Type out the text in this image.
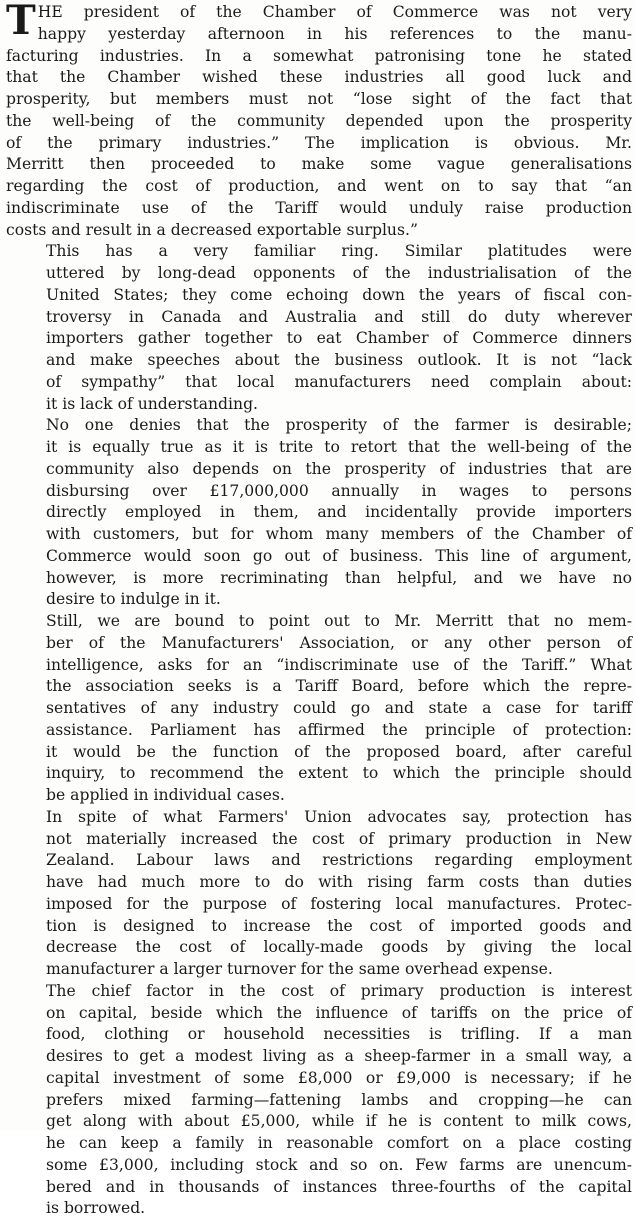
T HE president of the Chamber of Commerce was not very
happy yesterday afternoon in his references to the manu-
facturing industries. In a somewhat patronising tone he stated
that the Chamber wished these industries all good luck and
prosperity, but members must not “lose sight of the fact that
the well-being of the community depended upon the prosperity
of the primary industries.” The implication is obvious. Mr.
Merritt then proceeded to make some vague generalisations
regarding the cost of production, and went on to say that “an
indiscriminate use of the Tariff would unduly raise production
costs and result in a decreased exportable surplus.”

This has a very familiar ring. Similar platitudes were
uttered by long-dead opponents of the industrialisation of the
United States; they come echoing down the years of fiscal con-
troversy in Canada and Australia and still do duty wherever
importers gather together to eat Chamber of Commerce dinners
and make speeches about the business outlook. It is not “lack
of sympathy” that local manufacturers need complain about:
it is lack of understanding.

No one denies that the prosperity of the farmer is desirable;
it is equally true as it is trite to retort that the well-being of the
community also depends on the prosperity of industries that are
disbursing over £17,000,000 annually in wages to persons
directly employed in them, and incidentally provide importers
with customers, but for whom many members of the Chamber of
Commerce would soon go out of business. This line of argument,
however, is more recriminating than helpful, and we have no
desire to indulge in it.

Still, we are bound to point out to Mr. Merritt that no mem-
ber of the Manufacturers' Association, or any other person of
intelligence, asks for an “indiscriminate use of the Tariff.” What
the association seeks is a Tariff Board, before which the repre-
sentatives of any industry could go and state a case for tariff
assistance. Parliament has affirmed the principle of protection:
it would be the function of the proposed board, after careful
inquiry, to recommend the extent to which the principle should
be applied in individual cases.

In spite of what Farmers' Union advocates say, protection has
not materially increased the cost of primary production in New
Zealand. Labour laws and restrictions regarding employment
have had much more to do with rising farm costs than duties
imposed for the purpose of fostering local manufactures. Protec-
tion is designed to increase the cost of imported goods and
decrease the cost of locally-made goods by giving the local
manufacturer a larger turnover for the same overhead expense.

The chief factor in the cost of primary production is interest
on capital, beside which the influence of tariffs on the price of
food, clothing or household necessities is trifling. If a man
desires to get a modest living as a sheep-farmer in a small way, a
capital investment of some £8,000 or £9,000 is necessary; if he
prefers mixed farming—fattening lambs and cropping—he can
get along with about £5,000, while if he is content to milk cows,
he can keep a family in reasonable comfort on a place costing
some £3,000, including stock and so on. Few farms are unencum-
bered and in thousands of instances three-fourths of the capital
is borrowed.
